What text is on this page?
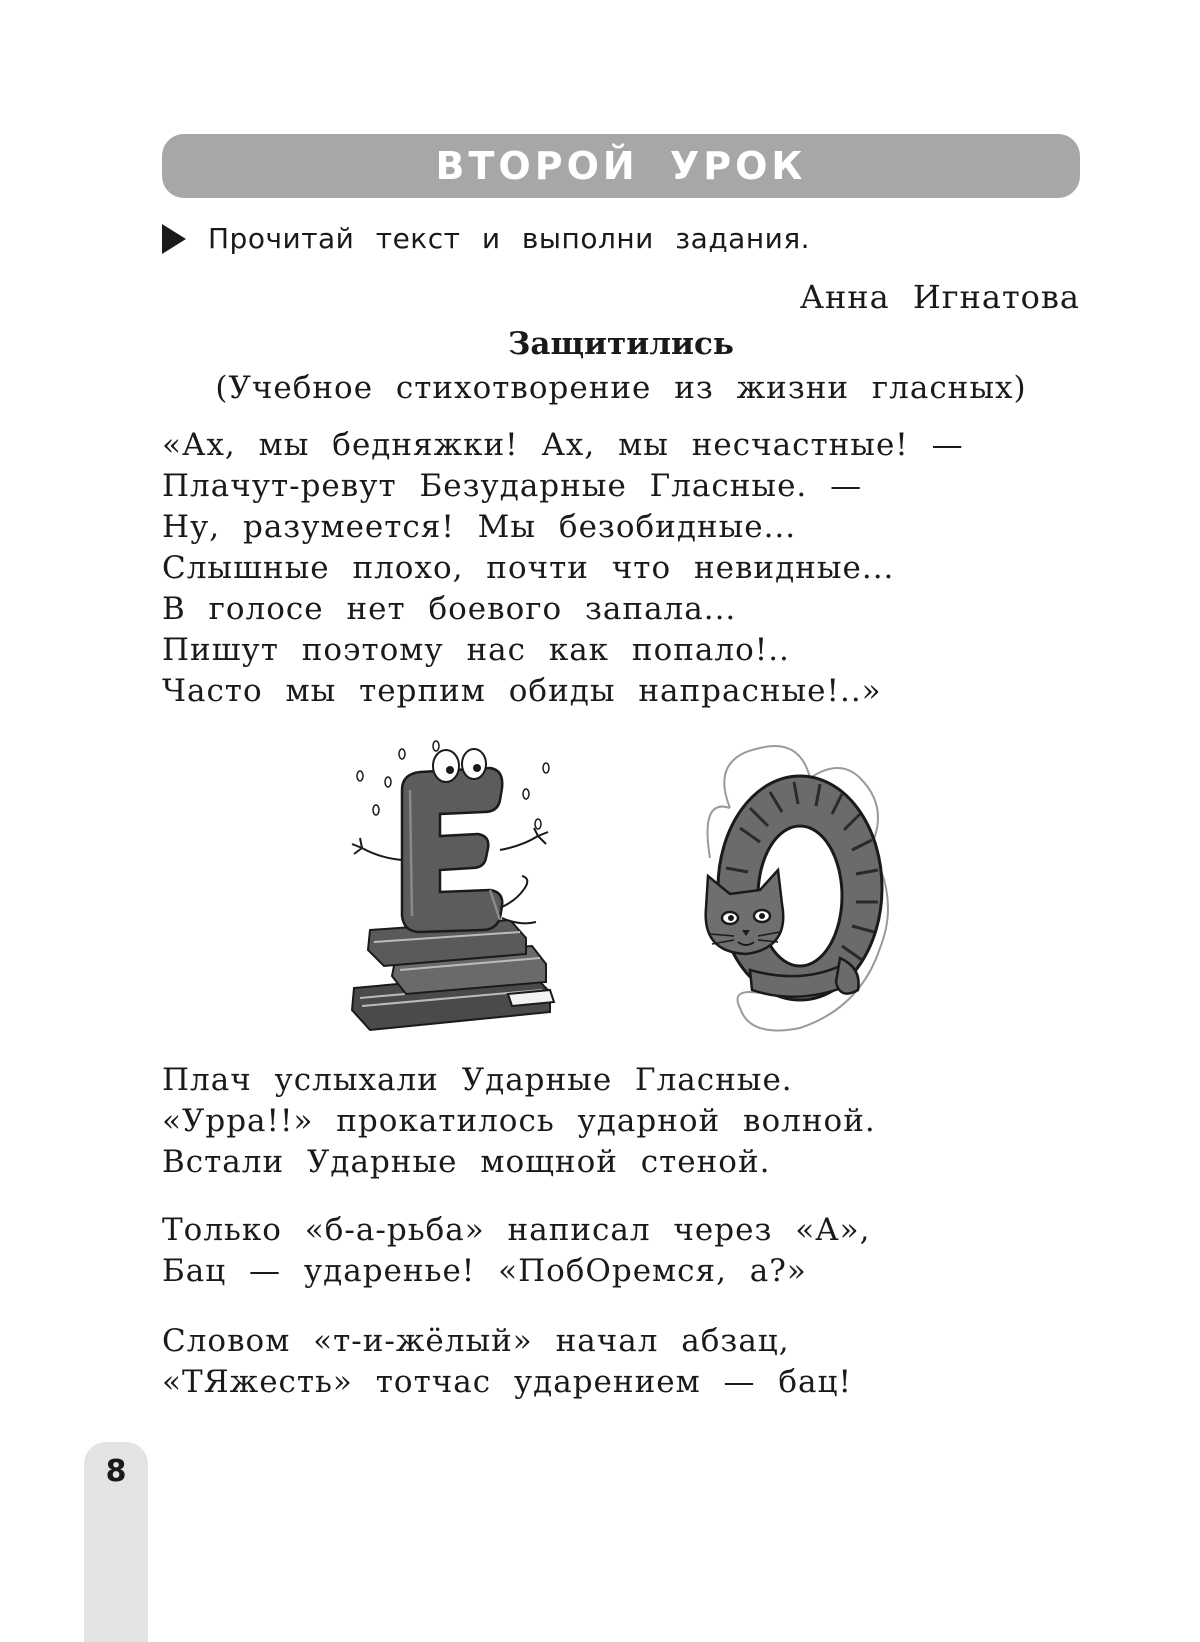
ВТОРОЙ УРОК
Прочитай текст и выполни задания.
Анна Игнатова
Защитились
(Учебное стихотворение из жизни гласных)
«Ах, мы бедняжки! Ах, мы несчастные! —
Плачут-ревут Безударные Гласные. —
Ну, разумеется! Мы безобидные...
Слышные плохо, почти что невидные...
В голосе нет боевого запала...
Пишут поэтому нас как попало!..
Часто мы терпим обиды напрасные!..»
Плач услыхали Ударные Гласные.
«Урра!!» прокатилось ударной волной.
Встали Ударные мощной стеной.
Только «б-а-рьба» написал через «А»,
Бац — ударенье! «ПобОремся, а?»
Словом «т-и-жёлый» начал абзац,
«ТЯжесть» тотчас ударением — бац!
8
